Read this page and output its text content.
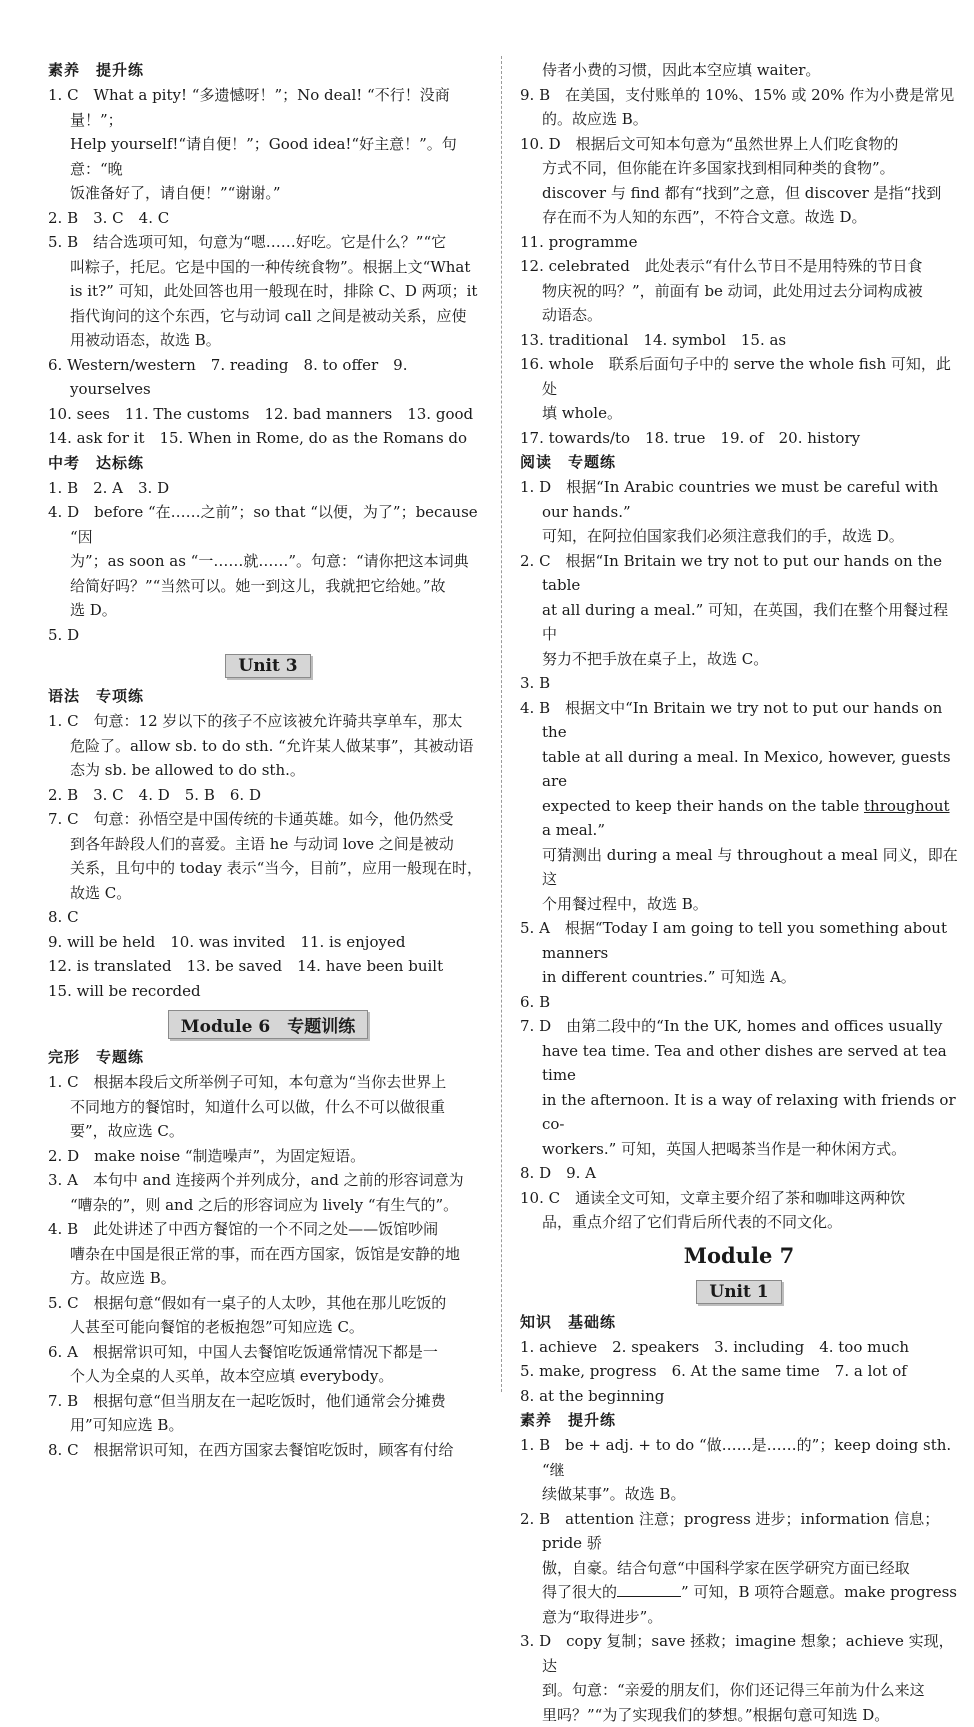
素养　提升练
1. C　What a pity! “多遗憾呀！”；No deal! “不行！没商量！”；
Help yourself!“请自便！”；Good idea!“好主意！”。句意：“晚
饭准备好了，请自便！”“谢谢。”
2. B　3. C　4. C
5. B　结合选项可知，句意为“嗯……好吃。它是什么？”“它
叫粽子，托尼。它是中国的一种传统食物”。根据上文“What
is it?” 可知，此处回答也用一般现在时，排除 C、D 两项；it
指代询问的这个东西，它与动词 call 之间是被动关系，应使
用被动语态，故选 B。
6. Western/western　7. reading　8. to offer　9. yourselves
10. sees　11. The customs　12. bad manners　13. good
14. ask for it　15. When in Rome, do as the Romans do
中考　达标练
1. B　2. A　3. D
4. D　before “在……之前”；so that “以便，为了”；because “因
为”；as soon as “一……就……”。句意：“请你把这本词典
给简好吗？”“当然可以。她一到这儿，我就把它给她。”故
选 D。
5. D
Unit 3
语法　专项练
1. C　句意：12 岁以下的孩子不应该被允许骑共享单车，那太
危险了。allow sb. to do sth. “允许某人做某事”，其被动语
态为 sb. be allowed to do sth.。
2. B　3. C　4. D　5. B　6. D
7. C　句意：孙悟空是中国传统的卡通英雄。如今，他仍然受
到各年龄段人们的喜爱。主语 he 与动词 love 之间是被动
关系，且句中的 today 表示“当今，目前”，应用一般现在时，
故选 C。
8. C
9. will be held　10. was invited　11. is enjoyed
12. is translated　13. be saved　14. have been built
15. will be recorded
Module 6　专题训练
完形　专题练
1. C　根据本段后文所举例子可知，本句意为“当你去世界上
不同地方的餐馆时，知道什么可以做，什么不可以做很重
要”，故应选 C。
2. D　make noise “制造噪声”，为固定短语。
3. A　本句中 and 连接两个并列成分，and 之前的形容词意为
“嘈杂的”，则 and 之后的形容词应为 lively “有生气的”。
4. B　此处讲述了中西方餐馆的一个不同之处——饭馆吵闹
嘈杂在中国是很正常的事，而在西方国家，饭馆是安静的地
方。故应选 B。
5. C　根据句意“假如有一桌子的人太吵，其他在那儿吃饭的
人甚至可能向餐馆的老板抱怨”可知应选 C。
6. A　根据常识可知，中国人去餐馆吃饭通常情况下都是一
个人为全桌的人买单，故本空应填 everybody。
7. B　根据句意“但当朋友在一起吃饭时，他们通常会分摊费
用”可知应选 B。
8. C　根据常识可知，在西方国家去餐馆吃饭时，顾客有付给
侍者小费的习惯，因此本空应填 waiter。
9. B　在美国，支付账单的 10%、15% 或 20% 作为小费是常见
的。故应选 B。
10. D　根据后文可知本句意为“虽然世界上人们吃食物的
方式不同，但你能在许多国家找到相同种类的食物”。
discover 与 find 都有“找到”之意，但 discover 是指“找到
存在而不为人知的东西”，不符合文意。故选 D。
11. programme
12. celebrated　此处表示“有什么节日不是用特殊的节日食
物庆祝的吗？”，前面有 be 动词，此处用过去分词构成被
动语态。
13. traditional　14. symbol　15. as
16. whole　联系后面句子中的 serve the whole fish 可知，此处
填 whole。
17. towards/to　18. true　19. of　20. history
阅读　专题练
1. D　根据“In Arabic countries we must be careful with our hands.”
可知，在阿拉伯国家我们必须注意我们的手，故选 D。
2. C　根据“In Britain we try not to put our hands on the table
at all during a meal.” 可知，在英国，我们在整个用餐过程中
努力不把手放在桌子上，故选 C。
3. B
4. B　根据文中“In Britain we try not to put our hands on the
table at all during a meal. In Mexico, however, guests are
expected to keep their hands on the table throughout a meal.”
可猜测出 during a meal 与 throughout a meal 同义，即在这
个用餐过程中，故选 B。
5. A　根据“Today I am going to tell you something about manners
in different countries.” 可知选 A。
6. B
7. D　由第二段中的“In the UK, homes and offices usually
have tea time. Tea and other dishes are served at tea time
in the afternoon. It is a way of relaxing with friends or co-
workers.” 可知，英国人把喝茶当作是一种休闲方式。
8. D　9. A
10. C　通读全文可知，文章主要介绍了茶和咖啡这两种饮
品，重点介绍了它们背后所代表的不同文化。
Module 7
Unit 1
知识　基础练
1. achieve　2. speakers　3. including　4. too much
5. make, progress　6. At the same time　7. a lot of
8. at the beginning
素养　提升练
1. B　be + adj. + to do “做……是……的”；keep doing sth. “继
续做某事”。故选 B。
2. B　attention 注意；progress 进步；information 信息；pride 骄
傲，自豪。结合句意“中国科学家在医学研究方面已经取
得了很大的	” 可知，B 项符合题意。make progress
意为“取得进步”。
3. D　copy 复制；save 拯救；imagine 想象；achieve 实现，达
到。句意：“亲爱的朋友们，你们还记得三年前为什么来这
里吗？”“为了实现我们的梦想。”根据句意可知选 D。
